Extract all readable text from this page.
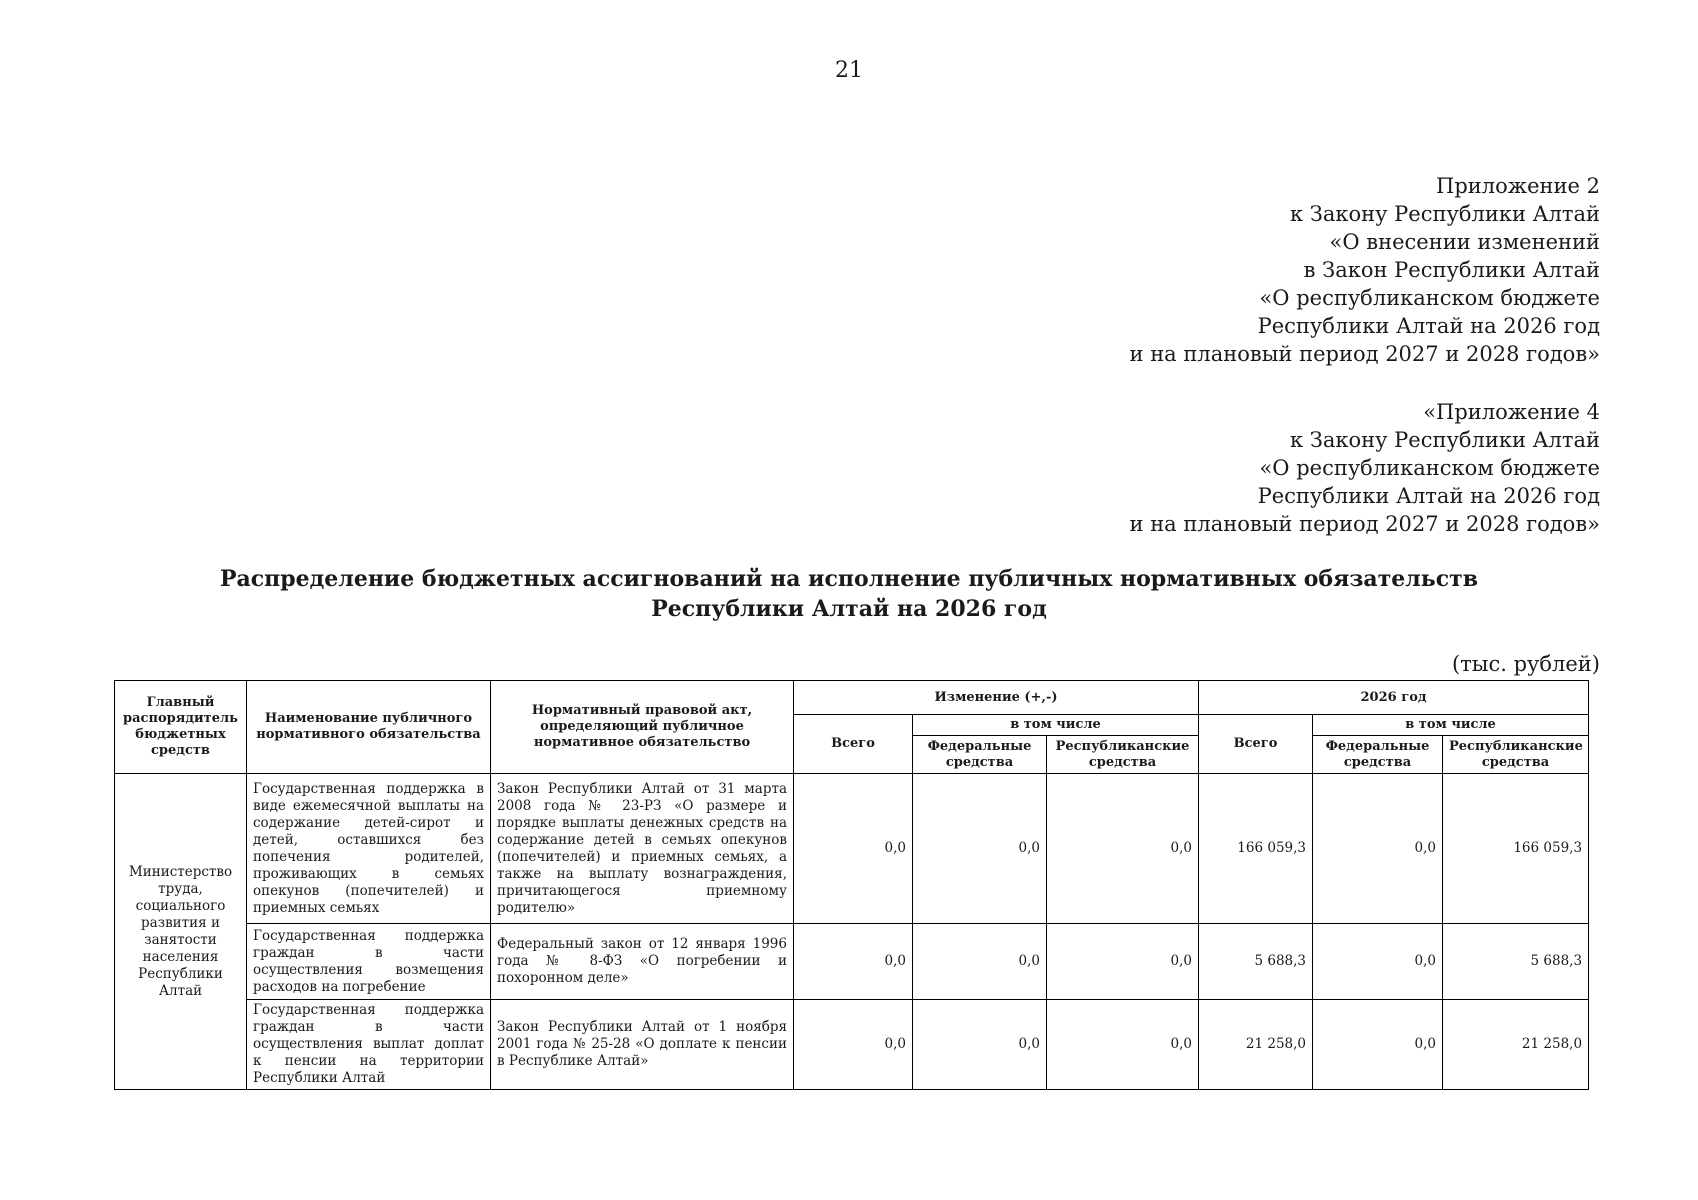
21
Приложение 2
к Закону Республики Алтай
«О внесении изменений
в Закон Республики Алтай
«О республиканском бюджете
Республики Алтай на 2026 год
и на плановый период 2027 и 2028 годов»
«Приложение 4
к Закону Республики Алтай
«О республиканском бюджете
Республики Алтай на 2026 год
и на плановый период 2027 и 2028 годов»
Распределение бюджетных ассигнований на исполнение публичных нормативных обязательств
Республики Алтай на 2026 год
(тыс. рублей)
Главный распорядитель бюджетных средств	Наименование публичного нормативного обязательства	Нормативный правовой акт, определяющий публичное нормативное обязательство	Изменение (+,-)			2026 год		
			Всего	в том числе		Всего	в том числе	
				Федеральные средства	Республиканские средства		Федеральные средства	Республиканские средства
Министерство труда, социального развития и занятости населения Республики Алтай	Государственная поддержка в виде ежемесячной выплаты на содержание детей-сирот и детей, оставшихся без попечения родителей, проживающих в семьях опекунов (попечителей) и приемных семьях	Закон Республики Алтай от 31 марта 2008 года № 23-РЗ «О размере и порядке выплаты денежных средств на содержание детей в семьях опекунов (попечителей) и приемных семьях, а также на выплату вознаграждения, причитающегося приемному родителю»	0,0	0,0	0,0	166 059,3	0,0	166 059,3
	Государственная поддержка граждан в части осуществления возмещения расходов на погребение	Федеральный закон от 12 января 1996 года № 8-ФЗ «О погребении и похоронном деле»	0,0	0,0	0,0	5 688,3	0,0	5 688,3
	Государственная поддержка граждан в части осуществления выплат доплат к пенсии на территории Республики Алтай	Закон Республики Алтай от 1 ноября 2001 года № 25-28 «О доплате к пенсии в Республике Алтай»	0,0	0,0	0,0	21 258,0	0,0	21 258,0
